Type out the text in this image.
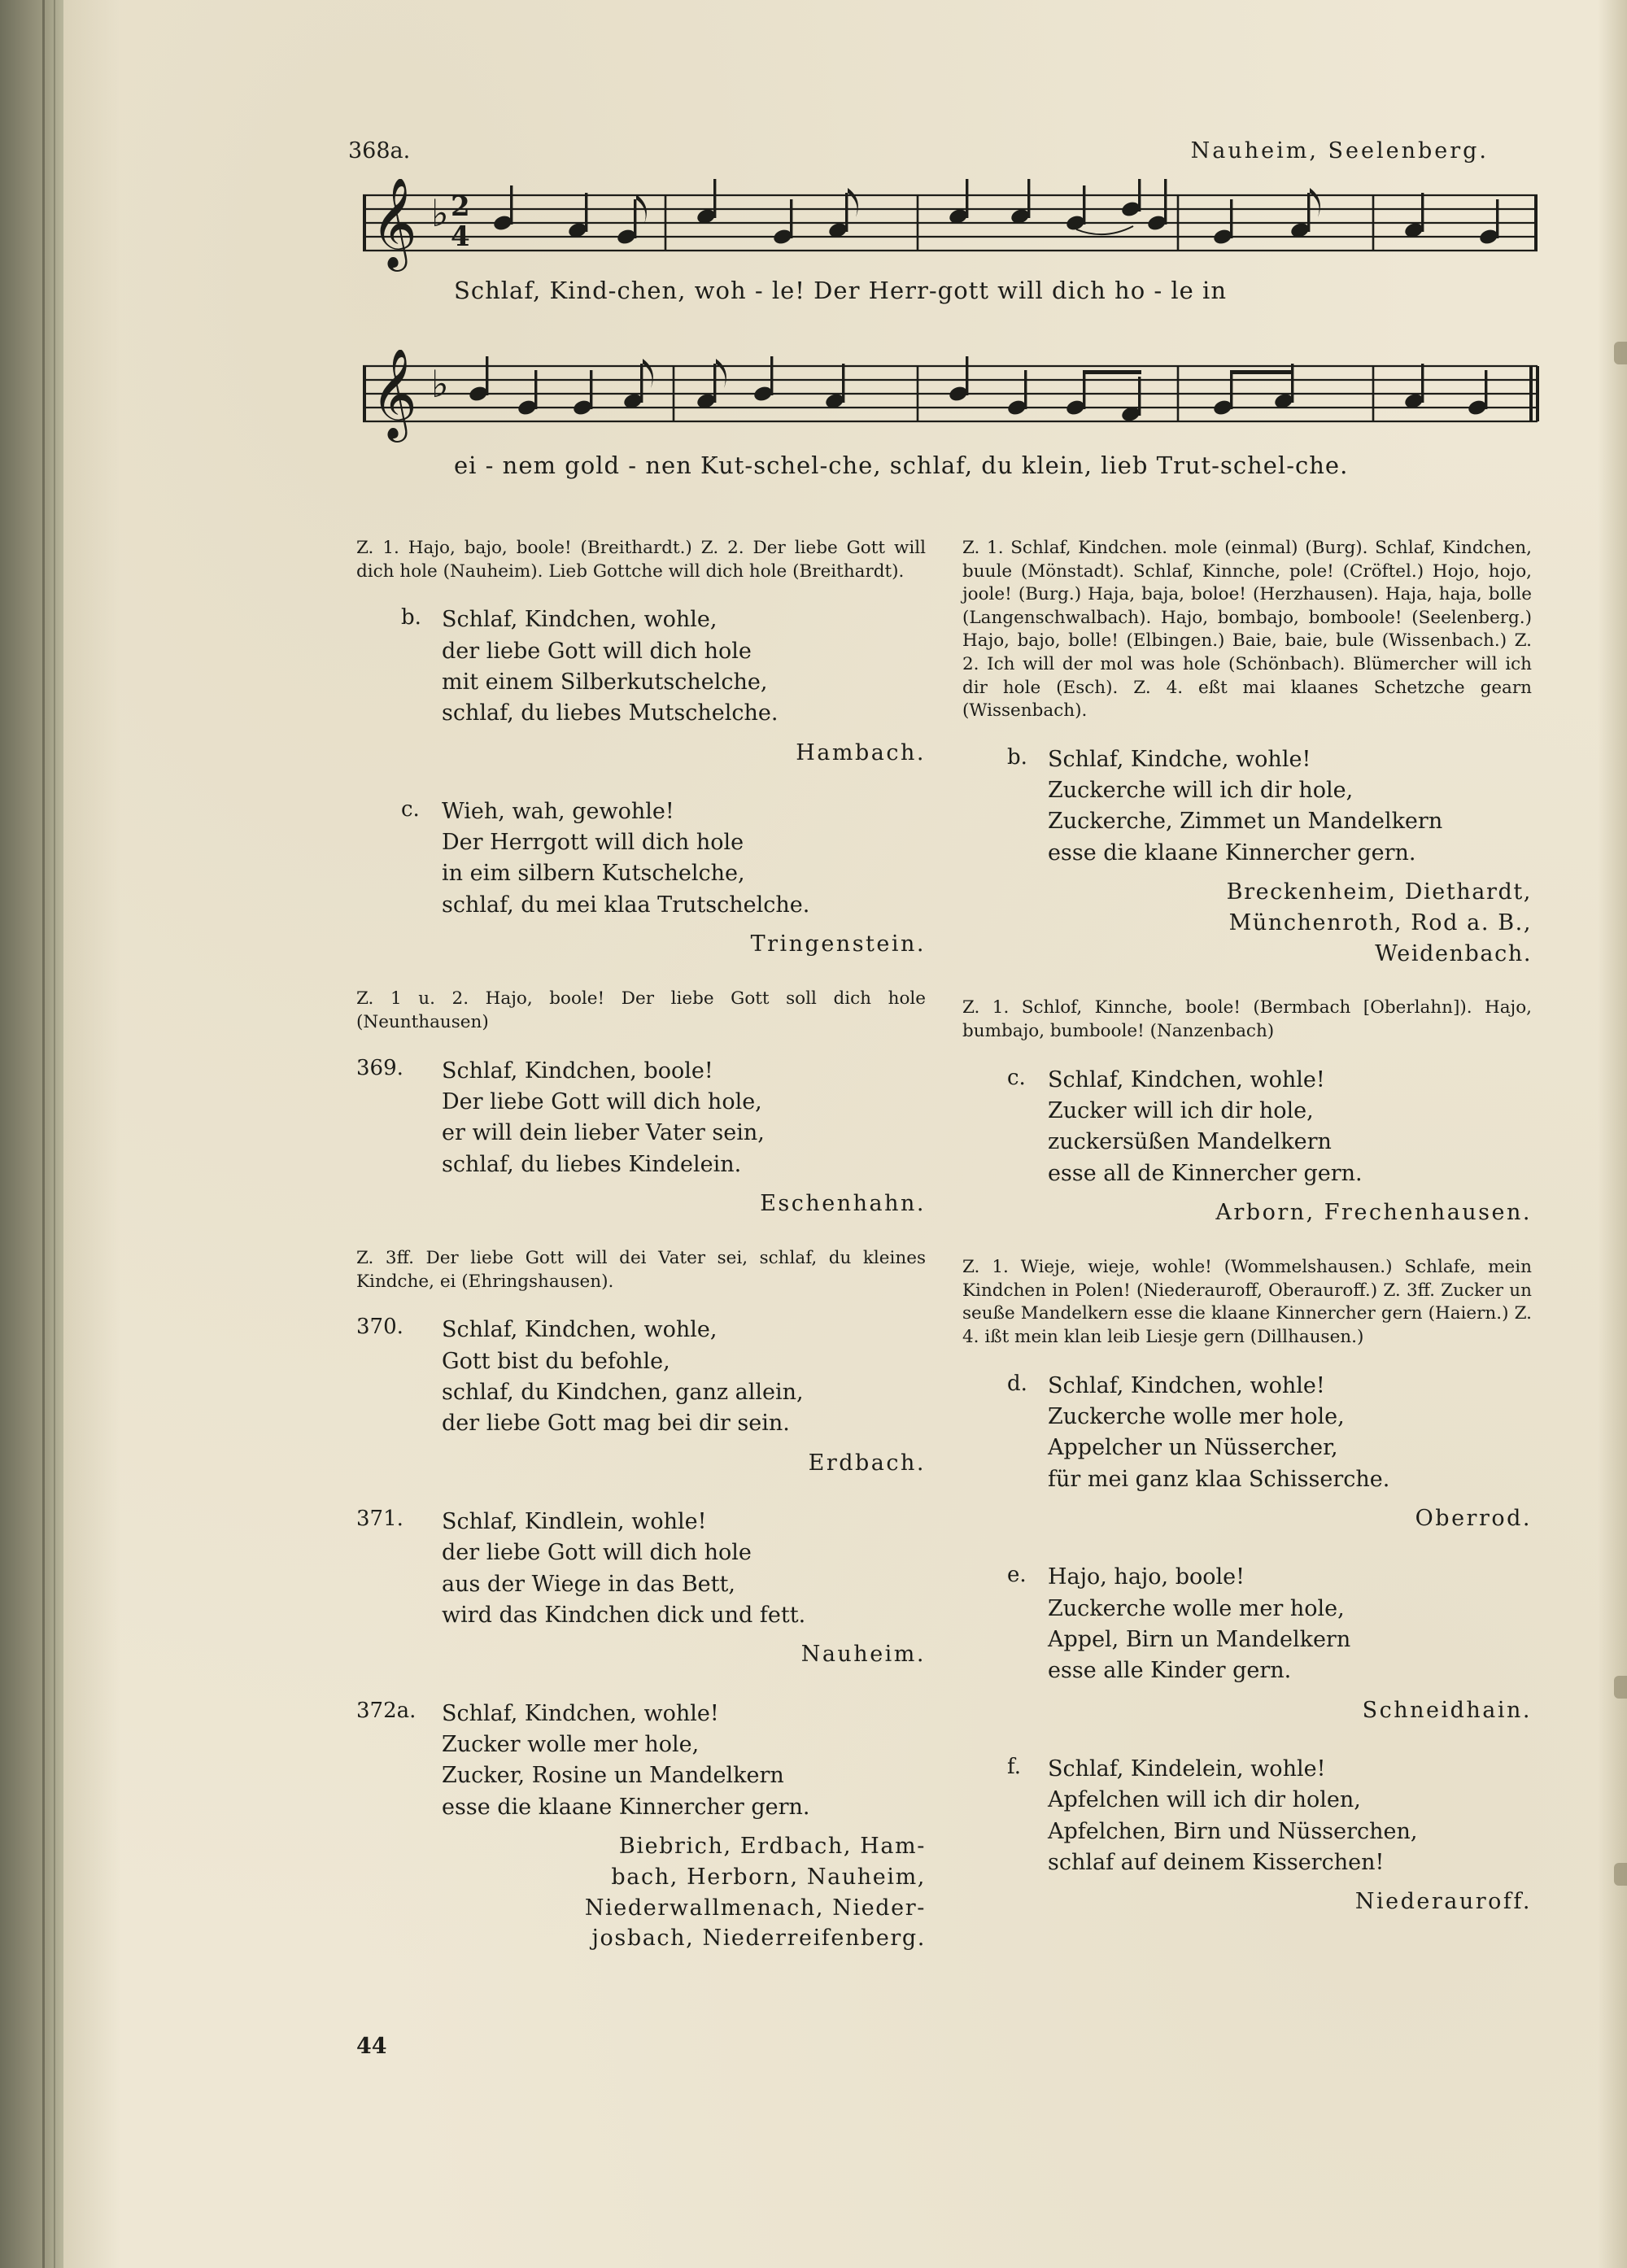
368a.	Nauheim, Seelenberg.
𝄞 ♭ 2
4
Schlaf, Kind-chen, woh - le! Der Herr-gott will dich ho - le in
𝄞 ♭
ei - nem gold - nen Kut-schel-che, schlaf, du klein, lieb Trut-schel-che.
Z. 1. Hajo, bajo, boole! (Breithardt.) Z. 2. Der liebe Gott will dich hole (Nauheim). Lieb Gottche will dich hole (Breithardt).
b. Schlaf, Kindchen, wohle,
der liebe Gott will dich hole
mit einem Silberkutschelche,
schlaf, du liebes Mutschelche.
Hambach.
c. Wieh, wah, gewohle!
Der Herrgott will dich hole
in eim silbern Kutschelche,
schlaf, du mei klaa Trutschelche.
Tringenstein.
Z. 1 u. 2. Hajo, boole! Der liebe Gott soll dich hole (Neunthausen)
369. Schlaf, Kindchen, boole!
Der liebe Gott will dich hole,
er will dein lieber Vater sein,
schlaf, du liebes Kindelein.
Eschenhahn.
Z. 3ff. Der liebe Gott will dei Vater sei, schlaf, du kleines Kindche, ei (Ehringshausen).
370. Schlaf, Kindchen, wohle,
Gott bist du befohle,
schlaf, du Kindchen, ganz allein,
der liebe Gott mag bei dir sein.
Erdbach.
371. Schlaf, Kindlein, wohle!
der liebe Gott will dich hole
aus der Wiege in das Bett,
wird das Kindchen dick und fett.
Nauheim.
372a. Schlaf, Kindchen, wohle!
Zucker wolle mer hole,
Zucker, Rosine un Mandelkern
esse die klaane Kinnercher gern.
Biebrich, Erdbach, Ham-
bach, Herborn, Nauheim,
Niederwallmenach, Nieder-
josbach, Niederreifenberg.
Z. 1. Schlaf, Kindchen. mole (einmal) (Burg). Schlaf, Kindchen, buule (Mönstadt). Schlaf, Kinnche, pole! (Cröftel.) Hojo, hojo, joole! (Burg.) Haja, baja, boloe! (Herzhausen). Haja, haja, bolle (Langenschwalbach). Hajo, bombajo, bomboole! (Seelenberg.) Hajo, bajo, bolle! (Elbingen.) Baie, baie, bule (Wissenbach.) Z. 2. Ich will der mol was hole (Schönbach). Blümercher will ich dir hole (Esch). Z. 4. eßt mai klaanes Schetzche gearn (Wissenbach).
b. Schlaf, Kindche, wohle!
Zuckerche will ich dir hole,
Zuckerche, Zimmet un Mandelkern
esse die klaane Kinnercher gern.
Breckenheim, Diethardt,
Münchenroth, Rod a. B.,
Weidenbach.
Z. 1. Schlof, Kinnche, boole! (Bermbach [Oberlahn]). Hajo, bumbajo, bumboole! (Nanzenbach)
c. Schlaf, Kindchen, wohle!
Zucker will ich dir hole,
zuckersüßen Mandelkern
esse all de Kinnercher gern.
Arborn, Frechenhausen.
Z. 1. Wieje, wieje, wohle! (Wommelshausen.) Schlafe, mein Kindchen in Polen! (Niederauroff, Oberauroff.) Z. 3ff. Zucker un seuße Mandelkern esse die klaane Kinnercher gern (Haiern.) Z. 4. ißt mein klan leib Liesje gern (Dillhausen.)
d. Schlaf, Kindchen, wohle!
Zuckerche wolle mer hole,
Appelcher un Nüssercher,
für mei ganz klaa Schisserche.
Oberrod.
e. Hajo, hajo, boole!
Zuckerche wolle mer hole,
Appel, Birn un Mandelkern
esse alle Kinder gern.
Schneidhain.
f. Schlaf, Kindelein, wohle!
Apfelchen will ich dir holen,
Apfelchen, Birn und Nüsserchen,
schlaf auf deinem Kisserchen!
Niederauroff.
44
